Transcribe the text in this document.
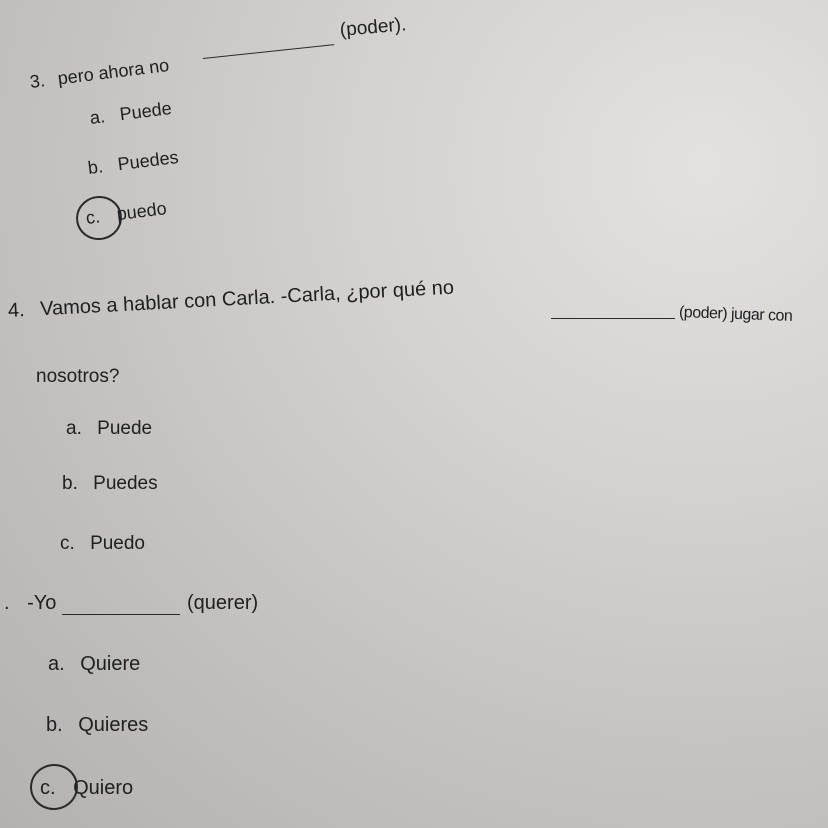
3. pero ahora no
(poder).
a. Puede
b. Puedes
c. puedo
4. Vamos a hablar con Carla. -Carla, ¿por qué no	(poder) jugar con
nosotros?
a. Puede
b. Puedes
c. Puedo
. -Yo	(querer)
a. Quiere
b. Quieres
c. Quiero
